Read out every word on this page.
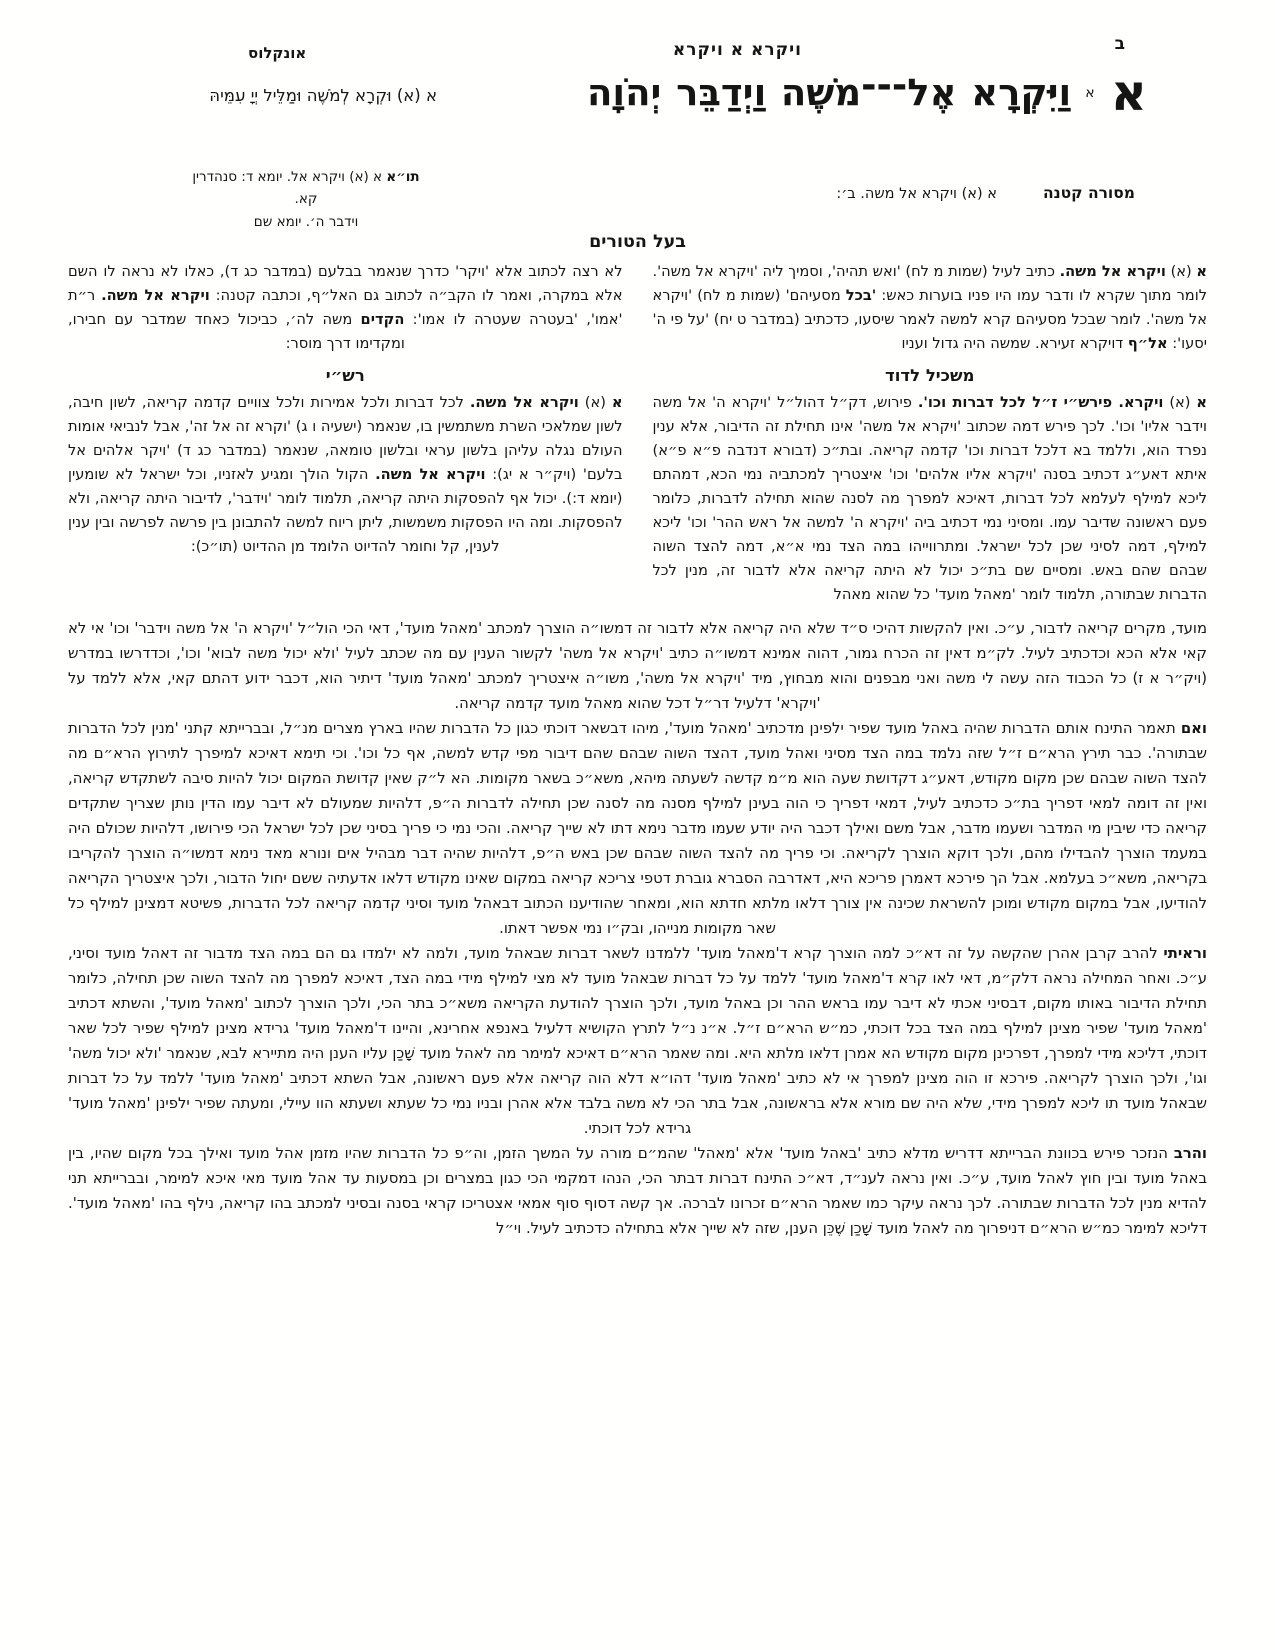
ב
ויקרא א ויקרא
אונקלוס
א
א
וַיִּקְרָא
אֶל־־־מֹשֶׁה
וַיְדַבֵּר
יְהֹוָה
א (א) וּקְרָא לְמֹשֶׁה וּמַלֵּיל יְיָ עִמֵּיהּ
מסורה קטנה
א (א) ויקרא אל משה. ב׳:
תו״א א (א) ויקרא אל. יומא ד: סנהדרין קא.
וידבר ה׳. יומא שם
בעל הטורים
א (א) ויקרא אל משה. כתיב לעיל (שמות מ לח) 'ואש תהיה', וסמיך ליה 'ויקרא אל משה'. לומר מתוך שקרא לו ודבר עמו היו פניו בוערות כאש: 'בכל מסעיהם' (שמות מ לח) 'ויקרא אל משה'. לומר שבכל מסעיהם קרא למשה לאמר שיסעו, כדכתיב (במדבר ט יח) 'על פי ה' יסעו': אל״ף דויקרא זעירא. שמשה היה גדול ועניו
לא רצה לכתוב אלא 'ויקר' כדרך שנאמר בבלעם (במדבר כג ד), כאלו לא נראה לו השם אלא במקרה, ואמר לו הקב״ה לכתוב גם האל״ף, וכתבה קטנה: ויקרא אל משה. ר״ת 'אמו', 'בעטרה שעטרה לו אמו': הקדים משה לה׳, כביכול כאחד שמדבר עם חבירו, ומקדימו דרך מוסר:
משכיל לדוד
א (א) ויקרא. פירש״י ז״ל לכל דברות וכו'. פירוש, דק״ל דהול״ל 'ויקרא ה' אל משה וידבר אליו' וכו'. לכך פירש דמה שכתוב 'ויקרא אל משה' אינו תחילת זה הדיבור, אלא ענין נפרד הוא, וללמד בא דלכל דברות וכו' קדמה קריאה. ובת״כ (דבורא דנדבה פ״א פ״א) איתא דאע״ג דכתיב בסנה 'ויקרא אליו אלהים' וכו' איצטריך למכתביה נמי הכא, דמהתם ליכא למילף לעלמא לכל דברות, דאיכא למפרך מה לסנה שהוא תחילה לדברות, כלומר פעם ראשונה שדיבר עמו. ומסיני נמי דכתיב ביה 'ויקרא ה' למשה אל ראש ההר' וכו' ליכא למילף, דמה לסיני שכן לכל ישראל. ומתרווייהו במה הצד נמי א״א, דמה להצד השוה שבהם שהם באש. ומסיים שם בת״כ יכול לא היתה קריאה אלא לדבור זה, מנין לכל הדברות שבתורה, תלמוד לומר 'מאהל מועד' כל שהוא מאהל
רש״י
א (א) ויקרא אל משה. לכל דברות ולכל אמירות ולכל צוויים קדמה קריאה, לשון חיבה, לשון שמלאכי השרת משתמשין בו, שנאמר (ישעיה ו ג) 'וקרא זה אל זה', אבל לנביאי אומות העולם נגלה עליהן בלשון עראי ובלשון טומאה, שנאמר (במדבר כג ד) 'ויקר אלהים אל בלעם' (ויק״ר א יג): ויקרא אל משה. הקול הולך ומגיע לאזניו, וכל ישראל לא שומעין (יומא ד:). יכול אף להפסקות היתה קריאה, תלמוד לומר 'וידבר', לדיבור היתה קריאה, ולא להפסקות. ומה היו הפסקות משמשות, ליתן ריוח למשה להתבונן בין פרשה לפרשה ובין ענין לענין, קל וחומר להדיוט הלומד מן ההדיוט (תו״כ):

מועד, מקרים קריאה לדבור, ע״כ. ואין להקשות דהיכי ס״ד שלא היה קריאה אלא לדבור זה דמשו״ה הוצרך למכתב 'מאהל מועד', דאי הכי הול״ל 'ויקרא ה' אל משה וידבר' וכו' אי לא קאי אלא הכא וכדכתיב לעיל. לק״מ דאין זה הכרח גמור, דהוה אמינא דמשו״ה כתיב 'ויקרא אל משה' לקשור הענין עם מה שכתב לעיל 'ולא יכול משה לבוא' וכו', וכדדרשו במדרש (ויק״ר א ז) כל הכבוד הזה עשה לי משה ואני מבפנים והוא מבחוץ, מיד 'ויקרא אל משה', משו״ה איצטריך למכתב 'מאהל מועד' דיתיר הוא, דכבר ידוע דהתם קאי, אלא ללמד על 'ויקרא' דלעיל דר״ל דכל שהוא מאהל מועד קדמה קריאה.

ואם תאמר התינח אותם הדברות שהיה באהל מועד שפיר ילפינן מדכתיב 'מאהל מועד', מיהו דבשאר דוכתי כגון כל הדברות שהיו בארץ מצרים מנ״ל, ובברייתא קתני 'מנין לכל הדברות שבתורה'. כבר תירץ הרא״ם ז״ל שזה נלמד במה הצד מסיני ואהל מועד, דהצד השוה שבהם שהם דיבור מפי קדש למשה, אף כל וכו'. וכי תימא דאיכא למיפרך לתירוץ הרא״ם מה להצד השוה שבהם שכן מקום מקודש, דאע״ג דקדושת שעה הוא מ״מ קדשה לשעתה מיהא, משא״כ בשאר מקומות. הא ל״ק שאין קדושת המקום יכול להיות סיבה לשתקדש קריאה, ואין זה דומה למאי דפריך בת״כ כדכתיב לעיל, דמאי דפריך כי הוה בעינן למילף מסנה מה לסנה שכן תחילה לדברות ה״פ, דלהיות שמעולם לא דיבר עמו הדין נותן שצריך שתקדים קריאה כדי שיבין מי המדבר ושעמו מדבר, אבל משם ואילך דכבר היה יודע שעמו מדבר נימא דתו לא שייך קריאה. והכי נמי כי פריך בסיני שכן לכל ישראל הכי פירושו, דלהיות שכולם היה במעמד הוצרך להבדילו מהם, ולכך דוקא הוצרך לקריאה. וכי פריך מה להצד השוה שבהם שכן באש ה״פ, דלהיות שהיה דבר מבהיל אים ונורא מאד נימא דמשו״ה הוצרך להקריבו בקריאה, משא״כ בעלמא. אבל הך פירכא דאמרן פריכא היא, דאדרבה הסברא גוברת דטפי צריכא קריאה במקום שאינו מקודש דלאו אדעתיה ששם יחול הדבור, ולכך איצטריך הקריאה להודיעו, אבל במקום מקודש ומוכן להשראת שכינה אין צורך דלאו מלתא חדתא הוא, ומאחר שהודיענו הכתוב דבאהל מועד וסיני קדמה קריאה לכל הדברות, פשיטא דמצינן למילף כל שאר מקומות מנייהו, ובק״ו נמי אפשר דאתו.

וראיתי להרב קרבן אהרן שהקשה על זה דא״כ למה הוצרך קרא ד'מאהל מועד' ללמדנו לשאר דברות שבאהל מועד, ולמה לא ילמדו גם הם במה הצד מדבור זה דאהל מועד וסיני, ע״כ. ואחר המחילה נראה דלק״מ, דאי לאו קרא ד'מאהל מועד' ללמד על כל דברות שבאהל מועד לא מצי למילף מידי במה הצד, דאיכא למפרך מה להצד השוה שכן תחילה, כלומר תחילת הדיבור באותו מקום, דבסיני אכתי לא דיבר עמו בראש ההר וכן באהל מועד, ולכך הוצרך להודעת הקריאה משא״כ בתר הכי, ולכך הוצרך לכתוב 'מאהל מועד', והשתא דכתיב 'מאהל מועד' שפיר מצינן למילף במה הצד בכל דוכתי, כמ״ש הרא״ם ז״ל. א״נ נ״ל לתרץ הקושיא דלעיל באנפא אחרינא, והיינו ד'מאהל מועד' גרידא מצינן למילף שפיר לכל שאר דוכתי, דליכא מידי למפרך, דפרכינן מקום מקודש הא אמרן דלאו מלתא היא. ומה שאמר הרא״ם דאיכא למימר מה לאהל מועד שָׁכַן עליו הענן היה מתיירא לבא, שנאמר 'ולא יכול משה' וגו', ולכך הוצרך לקריאה. פירכא זו הוה מצינן למפרך אי לא כתיב 'מאהל מועד' דהו״א דלא הוה קריאה אלא פעם ראשונה, אבל השתא דכתיב 'מאהל מועד' ללמד על כל דברות שבאהל מועד תו ליכא למפרך מידי, שלא היה שם מורא אלא בראשונה, אבל בתר הכי לא משה בלבד אלא אהרן ובניו נמי כל שעתא ושעתא הוו עיילי, ומעתה שפיר ילפינן 'מאהל מועד' גרידא לכל דוכתי.

והרב הנזכר פירש בכוונת הברייתא דדריש מדלא כתיב 'באהל מועד' אלא 'מאהל' שהמ״ם מורה על המשך הזמן, וה״פ כל הדברות שהיו מזמן אהל מועד ואילך בכל מקום שהיו, בין באהל מועד ובין חוץ לאהל מועד, ע״כ. ואין נראה לענ״ד, דא״כ התינח דברות דבתר הכי, הנהו דמקמי הכי כגון במצרים וכן במסעות עד אהל מועד מאי איכא למימר, ובברייתא תני להדיא מנין לכל הדברות שבתורה. לכך נראה עיקר כמו שאמר הרא״ם זכרונו לברכה. אך קשה דסוף סוף אמאי אצטריכו קראי בסנה ובסיני למכתב בהו קריאה, נילף בהו 'מאהל מועד'. דליכא למימר כמ״ש הרא״ם דניפרוך מה לאהל מועד שָׁכַן שֶׁכֵּן הענן, שזה לא שייך אלא בתחילה כדכתיב לעיל. וי״ל
